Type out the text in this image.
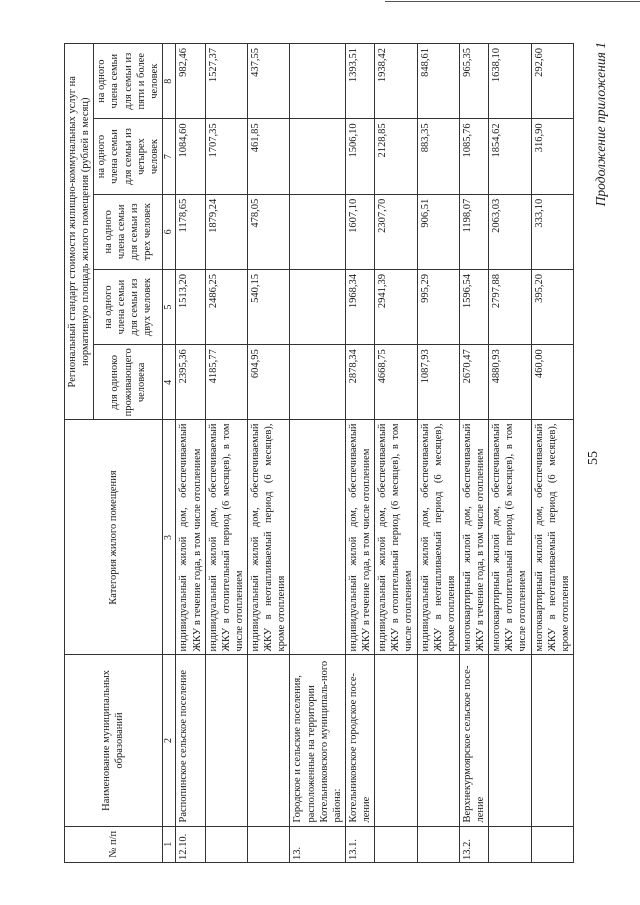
55
Продолжение приложения 1
№ п/п	Наименование муниципальных образований	Категория жилого помещения	Региональный стандарт стоимости жилищно-коммунальных услуг на нормативную площадь жилого помещения (рублей в месяц)				
			для одиноко проживающего человека	на одного члена семьи для семьи из двух человек	на одного члена семьи для семьи из трех человек	на одного члена семьи для семьи из четырех человек	на одного члена семьи для семьи из пяти и более человек
1	2	3	4	5	6	7	8
12.10.	Распопинское сельское поселение	индивидуальный жилой дом, обеспечиваемый ЖКУ в течение года, в том числе отоплением	2395,36	1513,20	1178,65	1084,60	982,46
		индивидуальный жилой дом, обеспечиваемый ЖКУ в отопительный период (6 месяцев), в том числе отоплением	4185,77	2486,25	1879,24	1707,35	1527,37
		индивидуальный жилой дом, обеспечиваемый ЖКУ в неотапливаемый период (6 месяцев), кроме отопления	604,95	540,15	478,05	461,85	437,55
13.	Городское и сельские поселения, расположенные на территории Котельниковского муниципаль-ного района:						
13.1.	Котельниковское городское посе-ление	индивидуальный жилой дом, обеспечиваемый ЖКУ в течение года, в том числе отоплением	2878,34	1968,34	1607,10	1506,10	1393,51
		индивидуальный жилой дом, обеспечиваемый ЖКУ в отопительный период (6 месяцев), в том числе отоплением	4668,75	2941,39	2307,70	2128,85	1938,42
		индивидуальный жилой дом, обеспечиваемый ЖКУ в неотапливаемый период (6 месяцев), кроме отопления	1087,93	995,29	906,51	883,35	848,61
13.2.	Верхнекурмоярское сельское посе-ление	многоквартирный жилой дом, обеспечиваемый ЖКУ в течение года, в том числе отоплением	2670,47	1596,54	1198,07	1085,76	965,35
		многоквартирный жилой дом, обеспечиваемый ЖКУ в отопительный период (6 месяцев), в том числе отоплением	4880,93	2797,88	2063,03	1854,62	1638,10
		многоквартирный жилой дом, обеспечиваемый ЖКУ в неотапливаемый период (6 месяцев), кроме отопления	460,00	395,20	333,10	316,90	292,60
